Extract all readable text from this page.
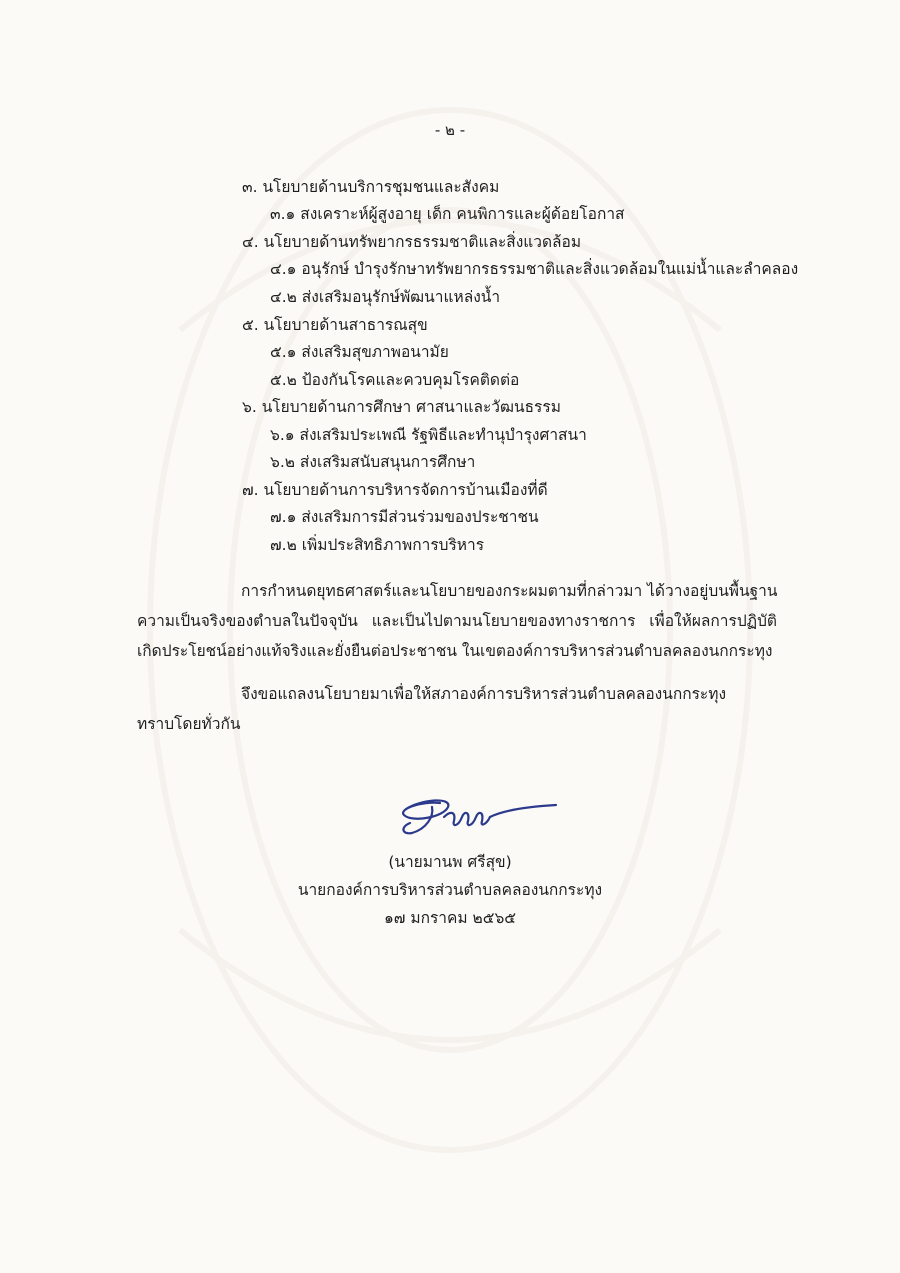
- ๒ -
๓. นโยบายด้านบริการชุมชนและสังคม
๓.๑ สงเคราะห์ผู้สูงอายุ เด็ก คนพิการและผู้ด้อยโอกาส
๔. นโยบายด้านทรัพยากรธรรมชาติและสิ่งแวดล้อม
๔.๑ อนุรักษ์ บำรุงรักษาทรัพยากรธรรมชาติและสิ่งแวดล้อมในแม่น้ำและลำคลอง
๔.๒ ส่งเสริมอนุรักษ์พัฒนาแหล่งน้ำ
๕. นโยบายด้านสาธารณสุข
๕.๑ ส่งเสริมสุขภาพอนามัย
๕.๒ ป้องกันโรคและควบคุมโรคติดต่อ
๖. นโยบายด้านการศึกษา ศาสนาและวัฒนธรรม
๖.๑ ส่งเสริมประเพณี รัฐพิธีและทำนุบำรุงศาสนา
๖.๒ ส่งเสริมสนับสนุนการศึกษา
๗. นโยบายด้านการบริหารจัดการบ้านเมืองที่ดี
๗.๑ ส่งเสริมการมีส่วนร่วมของประชาชน
๗.๒ เพิ่มประสิทธิภาพการบริหาร
การกำหนดยุทธศาสตร์และนโยบายของกระผมตามที่กล่าวมา ได้วางอยู่บนพื้นฐาน
ความเป็นจริงของตำบลในปัจจุบัน และเป็นไปตามนโยบายของทางราชการ เพื่อให้ผลการปฏิบัติ
เกิดประโยชน์อย่างแท้จริงและยั่งยืนต่อประชาชน ในเขตองค์การบริหารส่วนตำบลคลองนกกระทุง
จึงขอแถลงนโยบายมาเพื่อให้สภาองค์การบริหารส่วนตำบลคลองนกกระทุง
ทราบโดยทั่วกัน
(นายมานพ ศรีสุข)
นายกองค์การบริหารส่วนตำบลคลองนกกระทุง
๑๗ มกราคม ๒๕๖๕
